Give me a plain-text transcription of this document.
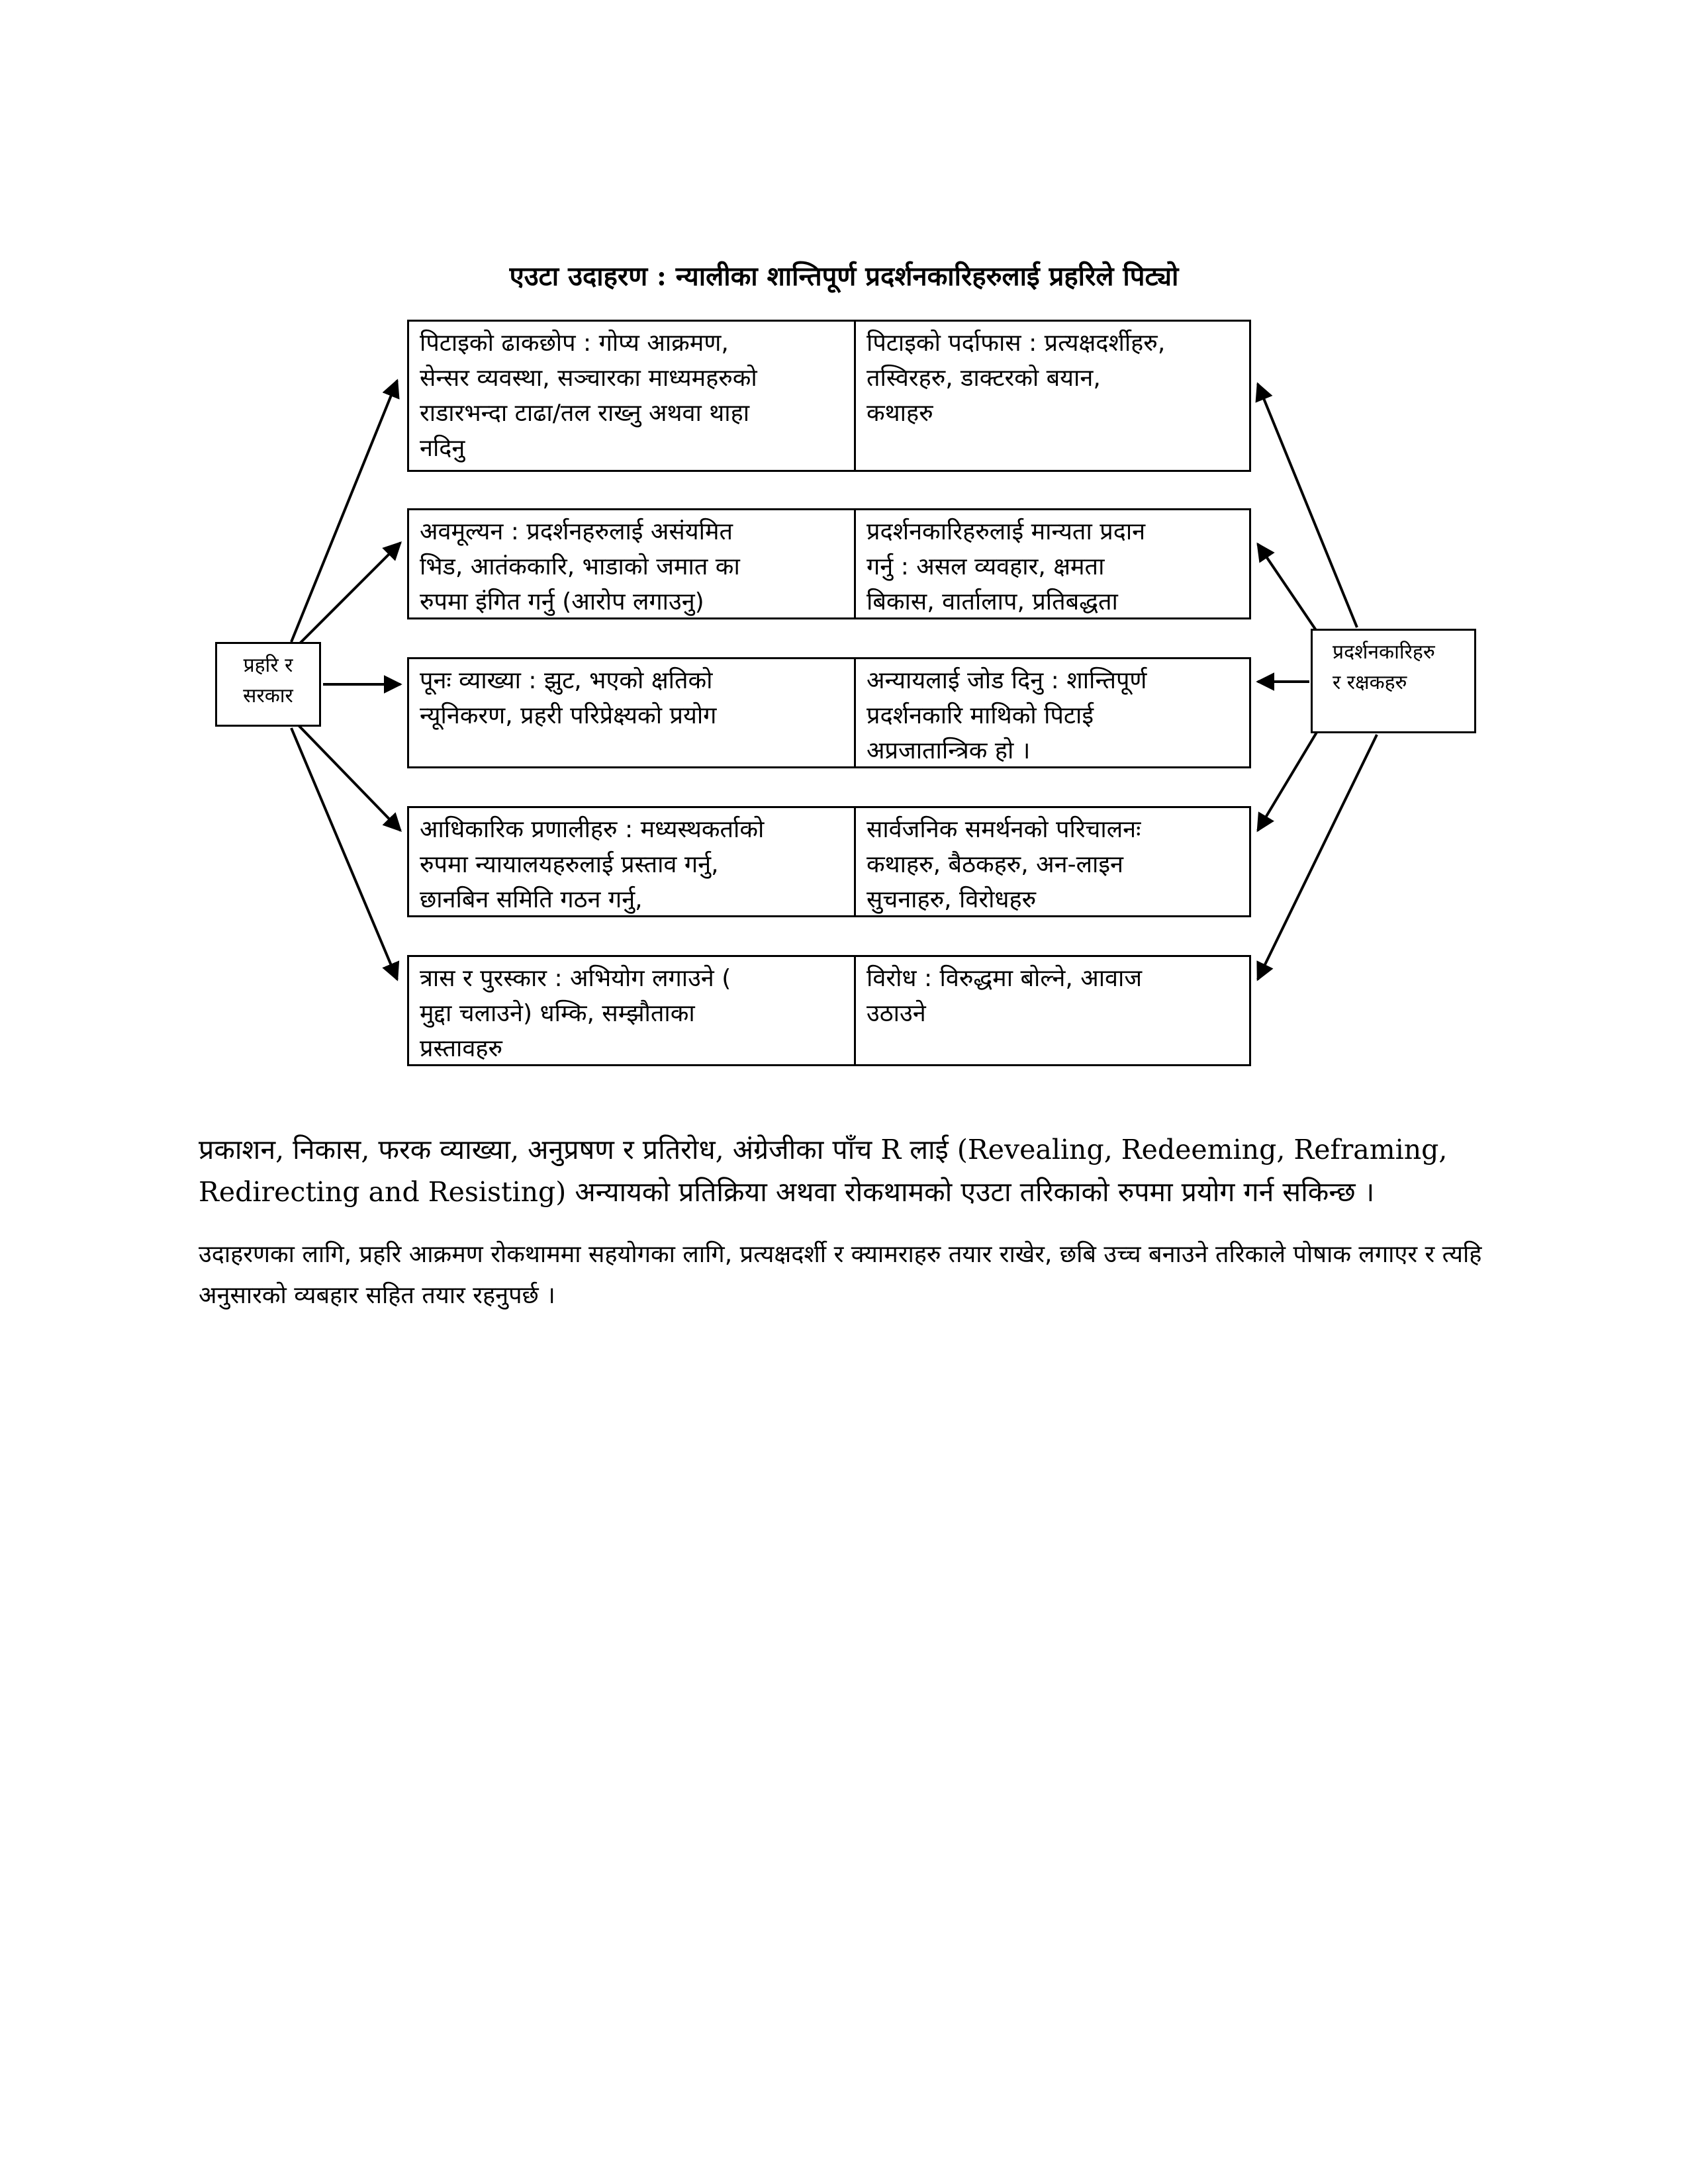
एउटा उदाहरण : न्यालीका शान्तिपूर्ण प्रदर्शनकारिहरुलाई प्रहरिले पिट्यो
प्रहरि र
सरकार
प्रदर्शनकारिहरु
र रक्षकहरु
पिटाइको ढाकछोप : गोप्य आक्रमण,
सेन्सर व्यवस्था, सञ्चारका माध्यमहरुको
राडारभन्दा टाढा/तल राख्नु अथवा थाहा
नदिनु
पिटाइको पर्दाफास : प्रत्यक्षदर्शीहरु,
तस्विरहरु, डाक्टरको बयान,
कथाहरु
अवमूल्यन : प्रदर्शनहरुलाई असंयमित
भिड, आतंककारि, भाडाको जमात का
रुपमा इंगित गर्नु (आरोप लगाउनु)
प्रदर्शनकारिहरुलाई मान्यता प्रदान
गर्नु : असल व्यवहार, क्षमता
बिकास, वार्तालाप, प्रतिबद्धता
पूनः व्याख्या : झुट, भएको क्षतिको
न्यूनिकरण, प्रहरी परिप्रेक्ष्यको प्रयोग
अन्यायलाई जोड दिनु : शान्तिपूर्ण
प्रदर्शनकारि माथिको पिटाई
अप्रजातान्त्रिक हो ।
आधिकारिक प्रणालीहरु : मध्यस्थकर्ताको
रुपमा न्यायालयहरुलाई प्रस्ताव गर्नु,
छानबिन समिति गठन गर्नु,
सार्वजनिक समर्थनको परिचालनः
कथाहरु, बैठकहरु, अन-लाइन
सुचनाहरु, विरोधहरु
त्रास र पुरस्कार : अभियोग लगाउने (
मुद्दा चलाउने) धम्कि, सम्झौताका
प्रस्तावहरु
विरोध : विरुद्धमा बोल्ने, आवाज
उठाउने

प्रकाशन, निकास, फरक व्याख्या, अनुप्रषण र प्रतिरोध, अंग्रेजीका पाँच R लाई (Revealing, Redeeming, Reframing, Redirecting and Resisting) अन्यायको प्रतिक्रिया अथवा रोकथामको एउटा तरिकाको रुपमा प्रयोग गर्न सकिन्छ ।

उदाहरणका लागि, प्रहरि आक्रमण रोकथाममा सहयोगका लागि, प्रत्यक्षदर्शी र क्यामराहरु तयार राखेर, छबि उच्च बनाउने तरिकाले पोषाक लगाएर र त्यहि अनुसारको व्यबहार सहित तयार रहनुपर्छ ।
